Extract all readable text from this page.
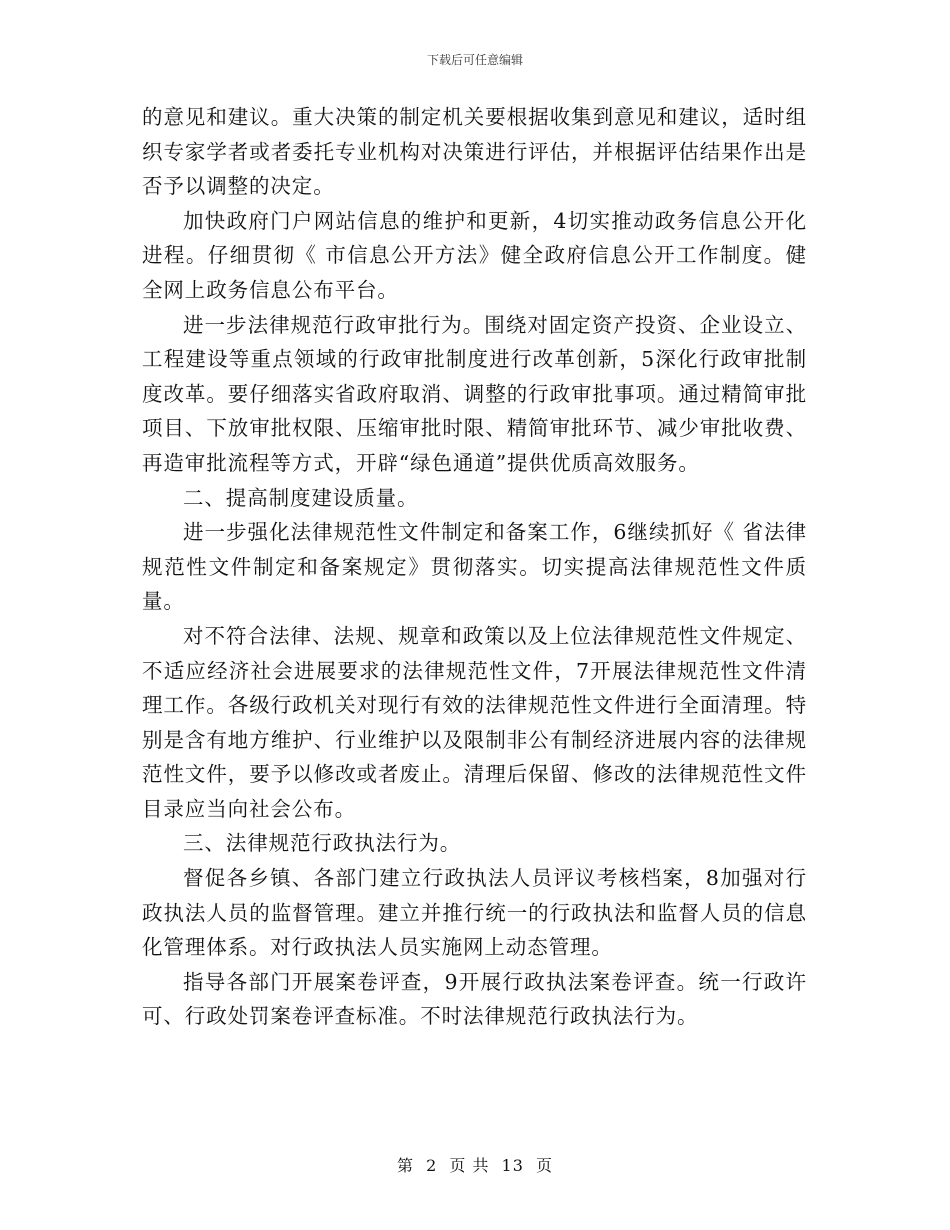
下载后可任意编辑

的意见和建议。重大决策的制定机关要根据收集到意见和建议，适时组织专家学者或者委托专业机构对决策进行评估，并根据评估结果作出是否予以调整的决定。

加快政府门户网站信息的维护和更新，4切实推动政务信息公开化进程。仔细贯彻《 市信息公开方法》健全政府信息公开工作制度。健全网上政务信息公布平台。

进一步法律规范行政审批行为。围绕对固定资产投资、企业设立、工程建设等重点领域的行政审批制度进行改革创新，5深化行政审批制度改革。要仔细落实省政府取消、调整的行政审批事项。通过精简审批项目、下放审批权限、压缩审批时限、精简审批环节、减少审批收费、再造审批流程等方式，开辟“绿色通道”提供优质高效服务。

二、提高制度建设质量。

进一步强化法律规范性文件制定和备案工作，6继续抓好《 省法律规范性文件制定和备案规定》贯彻落实。切实提高法律规范性文件质量。

对不符合法律、法规、规章和政策以及上位法律规范性文件规定、不适应经济社会进展要求的法律规范性文件，7开展法律规范性文件清理工作。各级行政机关对现行有效的法律规范性文件进行全面清理。特别是含有地方维护、行业维护以及限制非公有制经济进展内容的法律规范性文件，要予以修改或者废止。清理后保留、修改的法律规范性文件目录应当向社会公布。

三、法律规范行政执法行为。

督促各乡镇、各部门建立行政执法人员评议考核档案，8加强对行政执法人员的监督管理。建立并推行统一的行政执法和监督人员的信息化管理体系。对行政执法人员实施网上动态管理。

指导各部门开展案卷评查，9开展行政执法案卷评查。统一行政许可、行政处罚案卷评查标准。不时法律规范行政执法行为。

第 2 页 共 13 页
